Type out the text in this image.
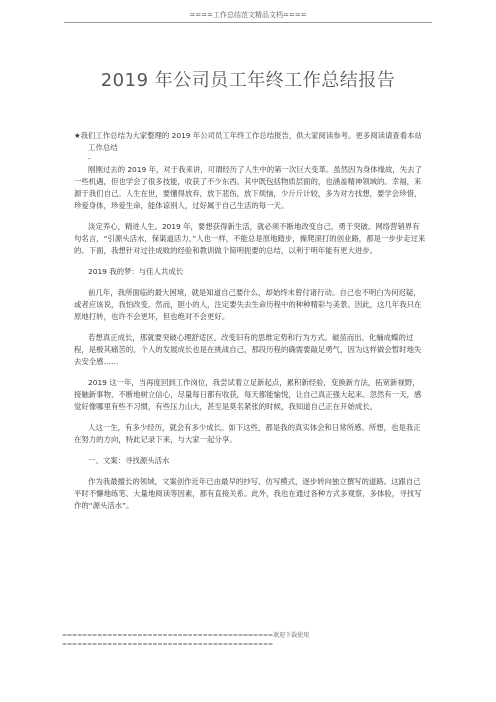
====工作总结范文精品文档====
2019 年公司员工年终工作总结报告

★我们工作总结为大家整理的 2019 年公司员工年终工作总结报告，供大家阅读参考。更多阅读请查看本站

工作总结

-

刚刚过去的 2019 年，对于我来讲，可谓经历了人生中的第一次巨大变革。虽然因为身体缘故，失去了一些机遇，但也学会了很多技能，收获了不少东西。其中既包括物质层面的，也涵盖精神领域的。幸福，来源于我们自己。人生在世，要懂得放弃，放下悲伤，放下烦恼，少斤斤计较，多为对方找想，要学会珍惜，珍爱身体，珍爱生命，能体谅别人，过好属于自己生活的每一天。

淡定养心，精进人生。2019 年，要想获得新生活，就必须不断地改变自己，勇于突破。网络营销界有句名言，“引源头活水，保渠道活力，”人也一样，不能总是原地踏步，操爬滚打的创业路，都是一步步走过来的。下面，我想针对过往成败的经验和教训做个简明扼要的总结，以利于明年能有更大进步。

2019 我的梦：与佳人共成长

前几年，我所面临的最大困境，就是知道自己要什么，却始终未曾付诸行动。自己也不明白为何迟疑，或者应该说，我怕改变。然而，胆小的人，注定要失去生命历程中的种种精彩与美景。因此，这几年我只在原地打转，也许不会更坏，但也绝对不会更好。

若想真正成长，那就要突破心理舒适区，改变旧有的思维定势和行为方式。破茧而出、化蛹成蝶的过程，是极其痛苦的。个人的发展成长也是在挑战自己，那段历程的确需要敲足勇气，因为这样做会暂时地失去安全感……

2019 这一年，当再度回到工作岗位，我尝试着立足新起点，累积新经验，变换新方法，拓宽新视野，接触新事物，不断地树立信心，尽量每日都有收获，每天都能愉悦，让自己真正强大起来。忽然有一天，感觉好像哪里有些不习惯，有些压力山大，甚至是莫名紧张的时候，我知道自己正在开始成长。

人这一生，有多少经历，就会有多少成长。如下这些，都是我的真实体会和日常所感、所想，也是我正在努力的方向，特此记录下来，与大家一起分享。

一、文案：寻找源头活水

作为我最擅长的领域，文案创作近年已由最早的抄写、仿写模式，逐步转向独立撰写的道路。这跟自己平时不懈地练笔、大量地阅读等因素，都有直接关系。此外，我也在通过各种方式多观察，多体验，寻找写作的“源头活水”。

==========================================欢迎下载使用
==========================================
